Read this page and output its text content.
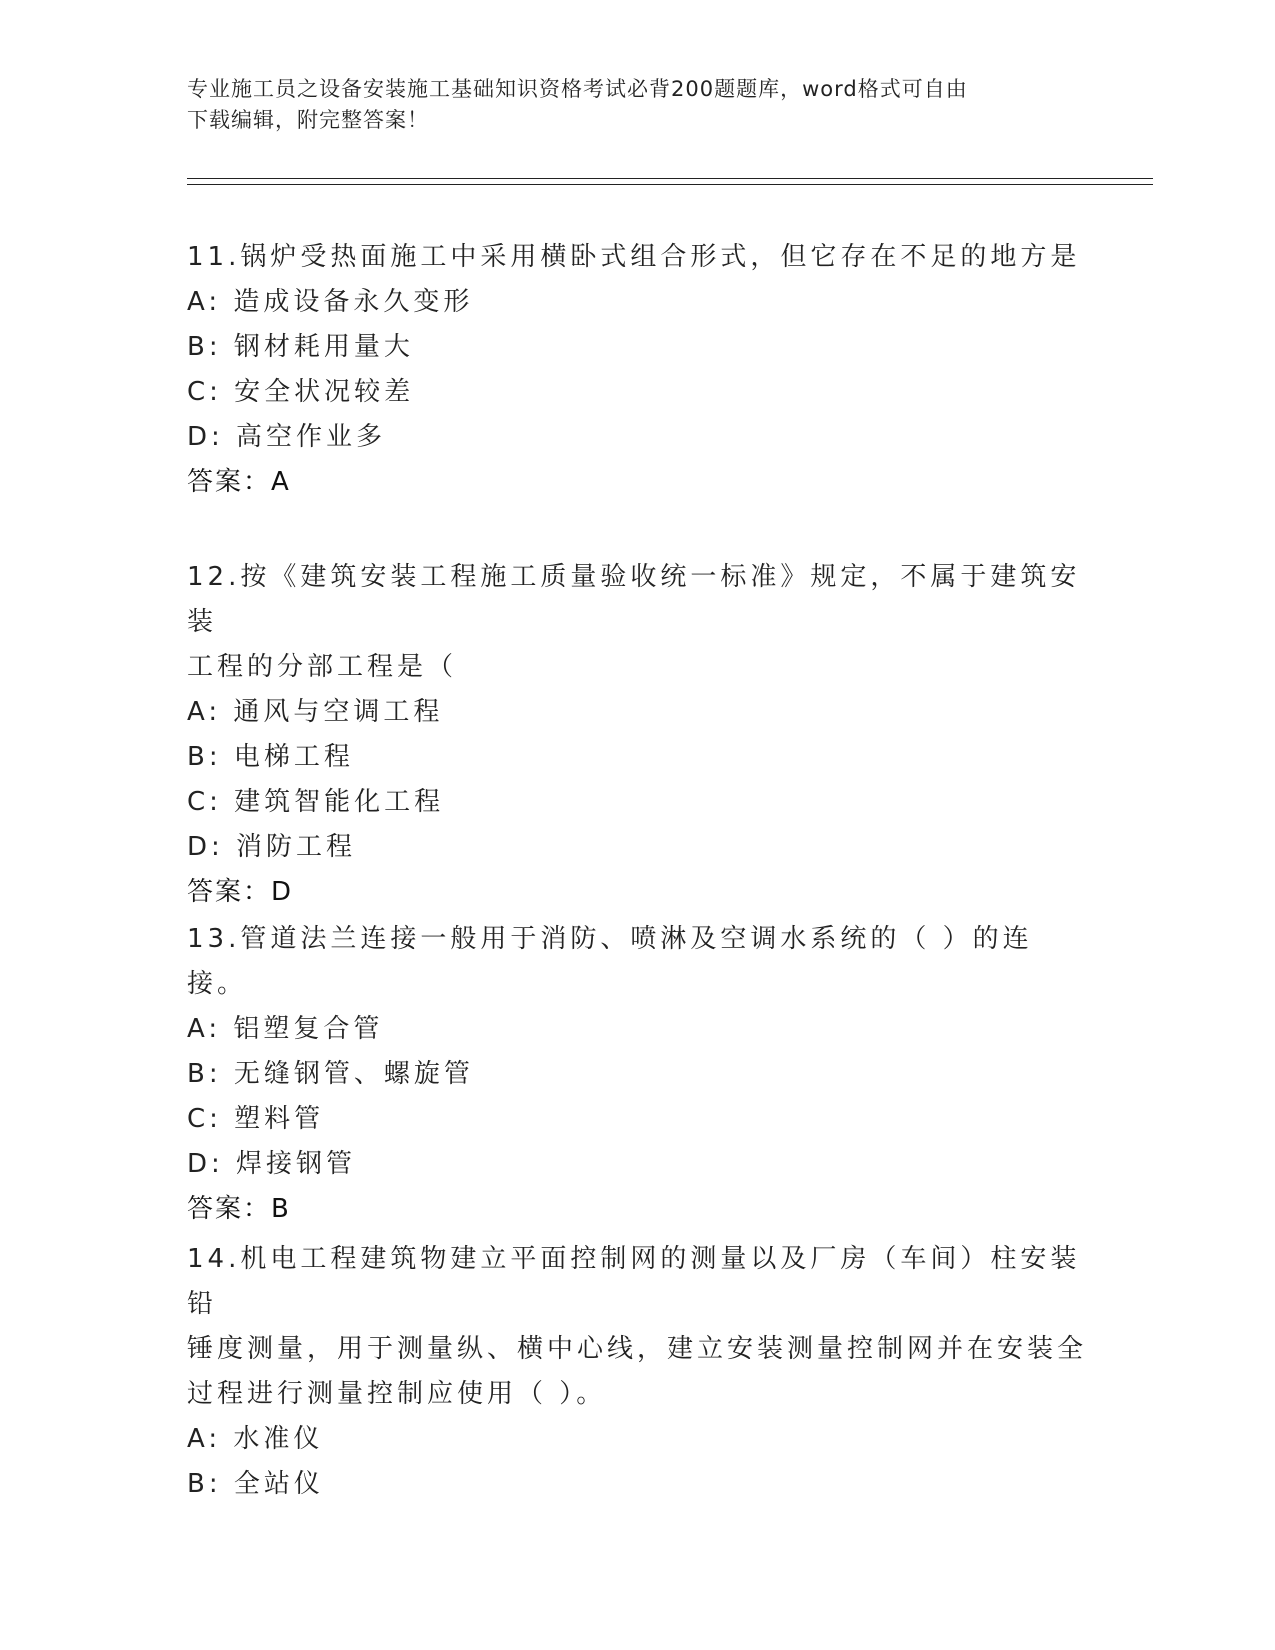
专业施工员之设备安装施工基础知识资格考试必背200题题库，word格式可自由
下载编辑，附完整答案！
11.锅炉受热面施工中采用横卧式组合形式，但它存在不足的地方是
A: 造成设备永久变形
B: 钢材耗用量大
C: 安全状况较差
D: 高空作业多
答案：A
12.按《建筑安装工程施工质量验收统一标准》规定，不属于建筑安装
工程的分部工程是（
A: 通风与空调工程
B: 电梯工程
C: 建筑智能化工程
D: 消防工程
答案：D
13.管道法兰连接一般用于消防、喷淋及空调水系统的（ ）的连接。
A: 铝塑复合管
B: 无缝钢管、螺旋管
C: 塑料管
D: 焊接钢管
答案：B
14.机电工程建筑物建立平面控制网的测量以及厂房（车间）柱安装铅
锤度测量，用于测量纵、横中心线，建立安装测量控制网并在安装全
过程进行测量控制应使用（ ）。
A: 水准仪
B: 全站仪
